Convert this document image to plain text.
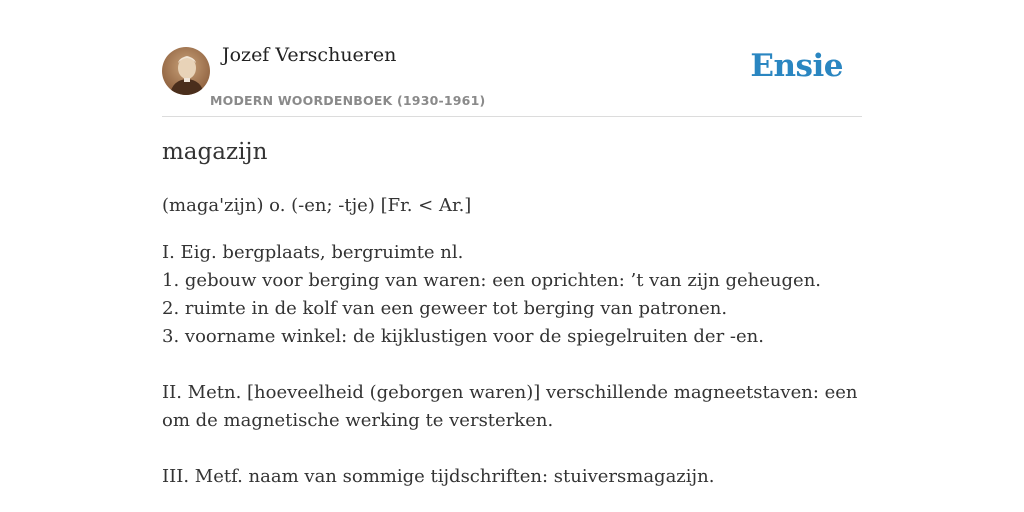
Jozef Verschueren
MODERN WOORDENBOEK (1930-1961)
Ensie
magazijn
(maga'zijn) o. (-en; -tje) [Fr. < Ar.]
I. Eig. bergplaats, bergruimte nl.
1. gebouw voor berging van waren: een oprichten: ’t van zijn geheugen.
2. ruimte in de kolf van een geweer tot berging van patronen.
3. voorname winkel: de kijklustigen voor de spiegelruiten der -en.
II. Metn. [hoeveelheid (geborgen waren)] verschillende magneetstaven: een om de magnetische werking te versterken.
III. Metf. naam van sommige tijdschriften: stuiversmagazijn.
